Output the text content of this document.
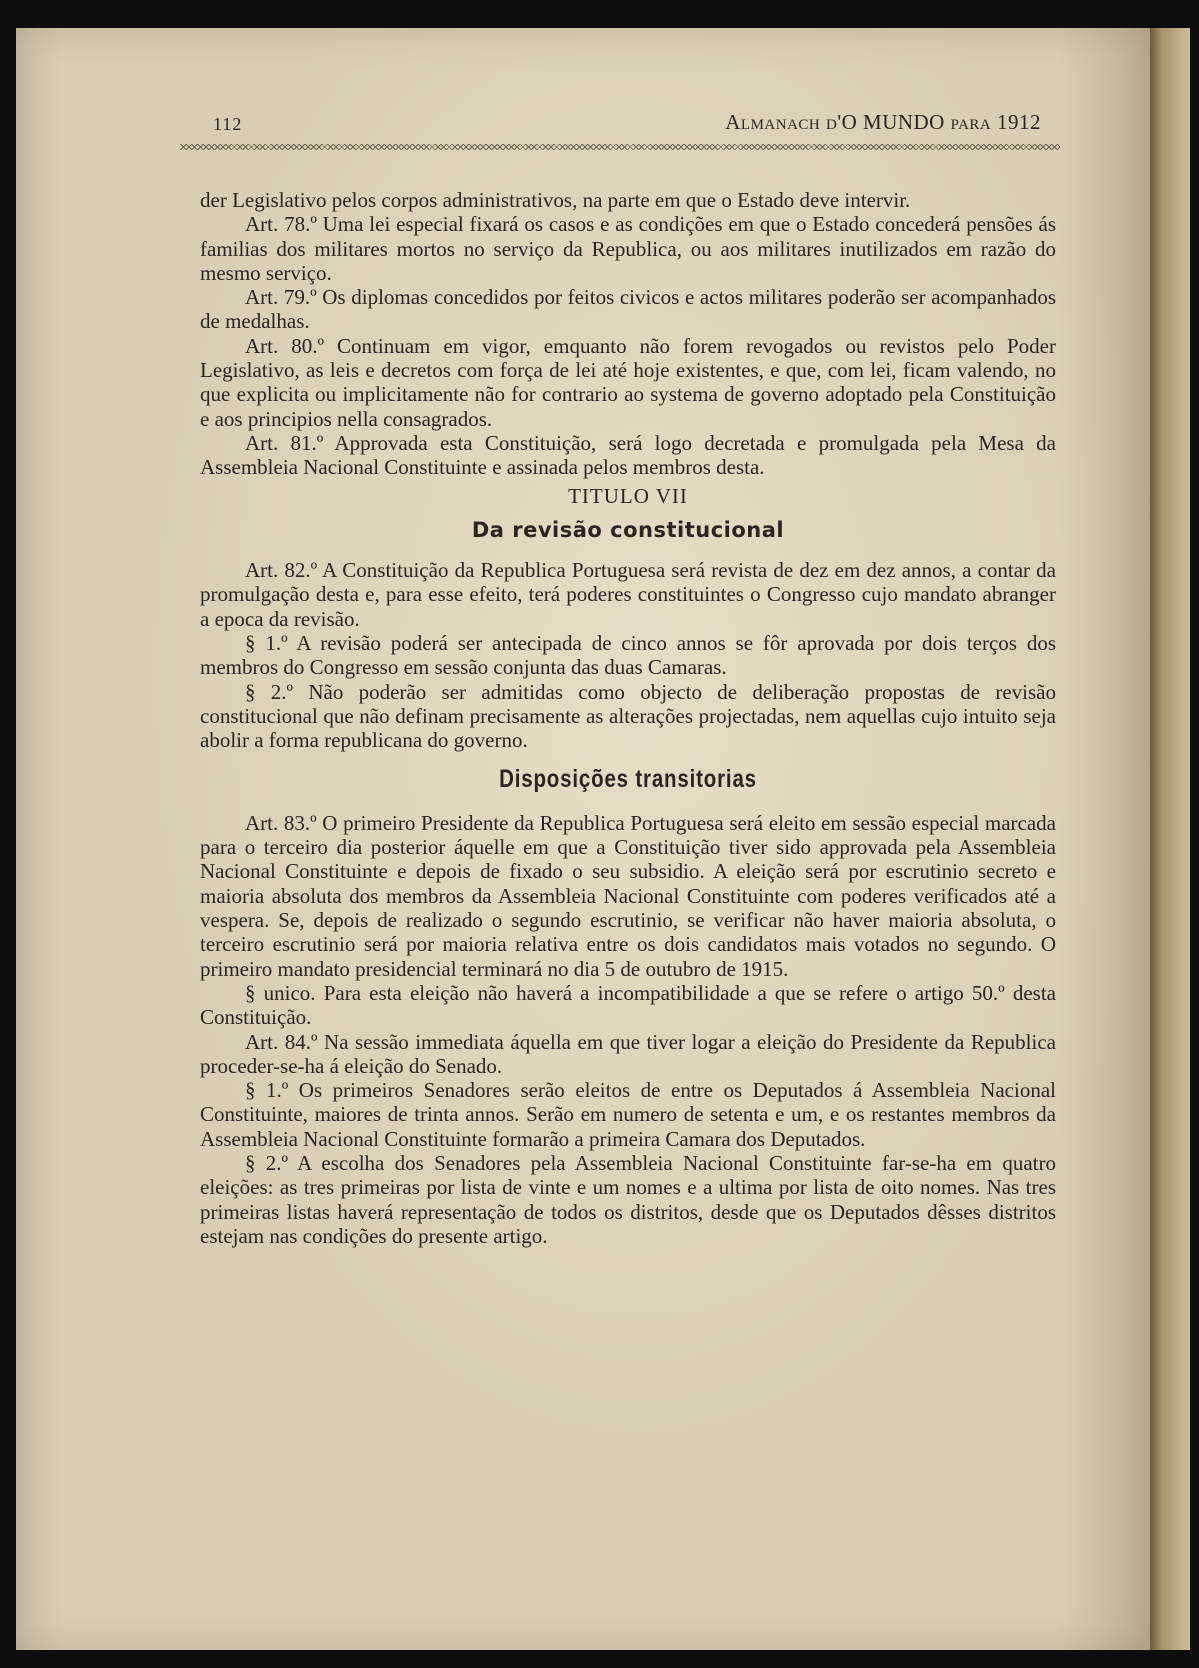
112	Almanach d'O MUNDO para 1912

der Legislativo pelos corpos administrativos, na parte em que o Estado deve intervir.

Art. 78.º Uma lei especial fixará os casos e as condições em que o Estado concederá pensões ás familias dos militares mortos no serviço da Republica, ou aos militares inutilizados em razão do mesmo serviço.

Art. 79.º Os diplomas concedidos por feitos civicos e actos militares poderão ser acompanhados de medalhas.

Art. 80.º Continuam em vigor, emquanto não forem revogados ou revistos pelo Poder Legislativo, as leis e decretos com força de lei até hoje existentes, e que, com lei, ficam valendo, no que explicita ou implicitamente não for contrario ao systema de governo adoptado pela Constituição e aos principios nella consagrados.

Art. 81.º Approvada esta Constituição, será logo decretada e promulgada pela Mesa da Assembleia Nacional Constituinte e assinada pelos membros desta.

TITULO VII
Da revisão constitucional

Art. 82.º A Constituição da Republica Portuguesa será revista de dez em dez annos, a contar da promulgação desta e, para esse efeito, terá poderes constituintes o Congresso cujo mandato abranger a epoca da revisão.

§ 1.º A revisão poderá ser antecipada de cinco annos se fôr aprovada por dois terços dos membros do Congresso em sessão conjunta das duas Camaras.

§ 2.º Não poderão ser admitidas como objecto de deliberação propostas de revisão constitucional que não definam precisamente as alterações projectadas, nem aquellas cujo intuito seja abolir a forma republicana do governo.

Disposições transitorias

Art. 83.º O primeiro Presidente da Republica Portuguesa será eleito em sessão especial marcada para o terceiro dia posterior áquelle em que a Constituição tiver sido approvada pela Assembleia Nacional Constituinte e depois de fixado o seu subsidio. A eleição será por escrutinio secreto e maioria absoluta dos membros da Assembleia Nacional Constituinte com poderes verificados até a vespera. Se, depois de realizado o segundo escrutinio, se verificar não haver maioria absoluta, o terceiro escrutinio será por maioria relativa entre os dois candidatos mais votados no segundo. O primeiro mandato presidencial terminará no dia 5 de outubro de 1915.

§ unico. Para esta eleição não haverá a incompatibilidade a que se refere o artigo 50.º desta Constituição.

Art. 84.º Na sessão immediata áquella em que tiver logar a eleição do Presidente da Republica proceder-se-ha á eleição do Senado.

§ 1.º Os primeiros Senadores serão eleitos de entre os Deputados á Assembleia Nacional Constituinte, maiores de trinta annos. Serão em numero de setenta e um, e os restantes membros da Assembleia Nacional Constituinte formarão a primeira Camara dos Deputados.

§ 2.º A escolha dos Senadores pela Assembleia Nacional Constituinte far-se-ha em quatro eleições: as tres primeiras por lista de vinte e um nomes e a ultima por lista de oito nomes. Nas tres primeiras listas haverá representação de todos os distritos, desde que os Deputados dêsses distritos estejam nas condições do presente artigo.
